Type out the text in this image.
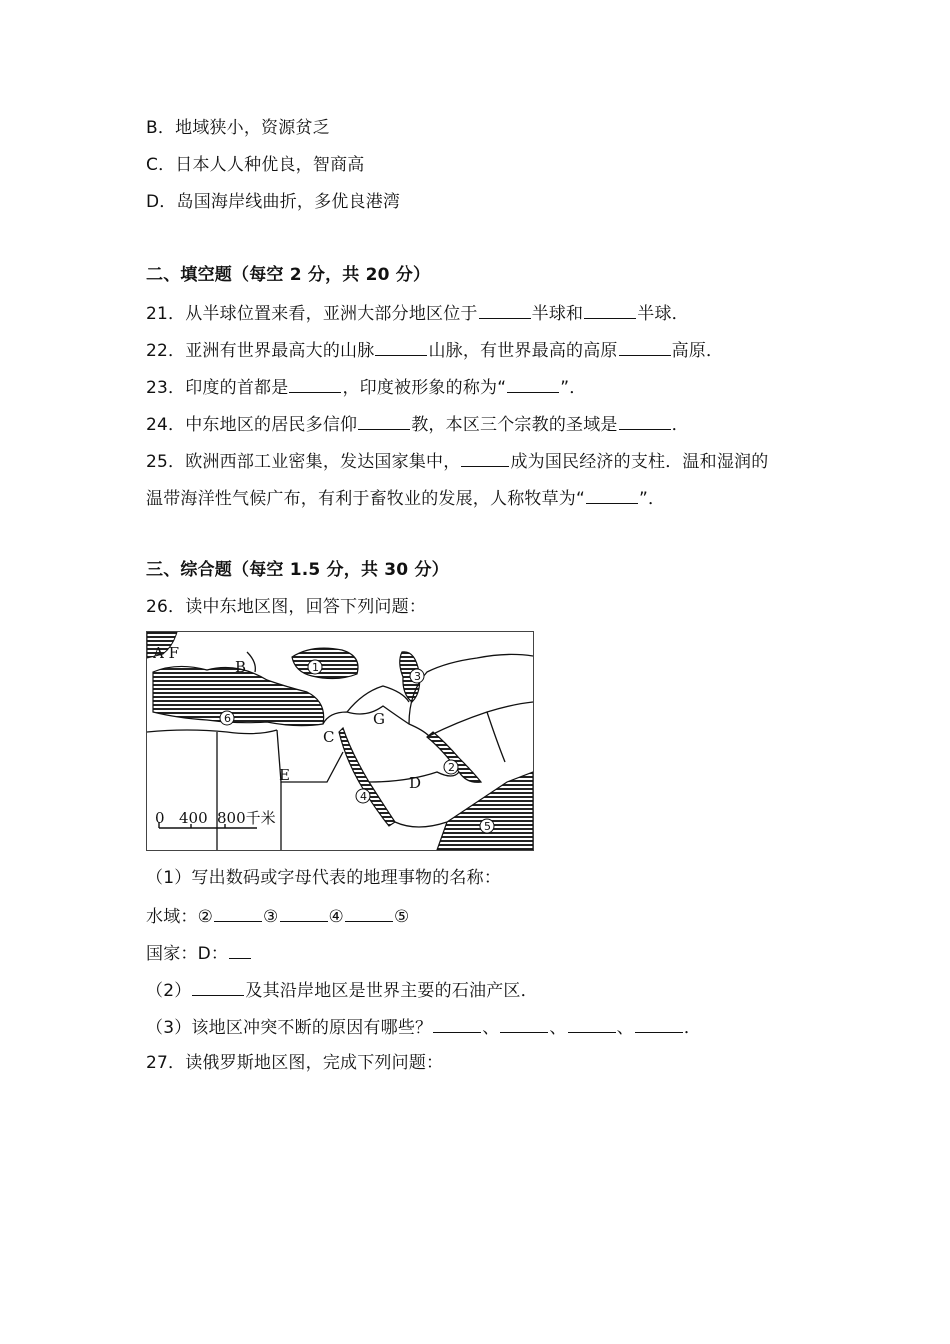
B．地域狭小，资源贫乏
C．日本人人种优良，智商高
D．岛国海岸线曲折，多优良港湾
二、填空题（每空 2 分，共 20 分）
21．从半球位置来看，亚洲大部分地区位于	半球和	半球．
22．亚洲有世界最高大的山脉	山脉，有世界最高的高原	高原．
23．印度的首都是	，印度被形象的称为“	”．
24．中东地区的居民多信仰	教，本区三个宗教的圣域是	．
25．欧洲西部工业密集，发达国家集中，	成为国民经济的支柱．温和湿润的
温带海洋性气候广布，有利于畜牧业的发展，人称牧草为“	”．
三、综合题（每空 1.5 分，共 30 分）
26．读中东地区图，回答下列问题：
0 400 800千米
A F
B
G
C
E	D
1
2
3
4
5
6
（1）写出数码或字母代表的地理事物的名称：
水域：②	③	④	⑤
国家：D：
（2）	及其沿岸地区是世界主要的石油产区．
（3）该地区冲突不断的原因有哪些？	、	、	、	．
27．读俄罗斯地区图，完成下列问题：
